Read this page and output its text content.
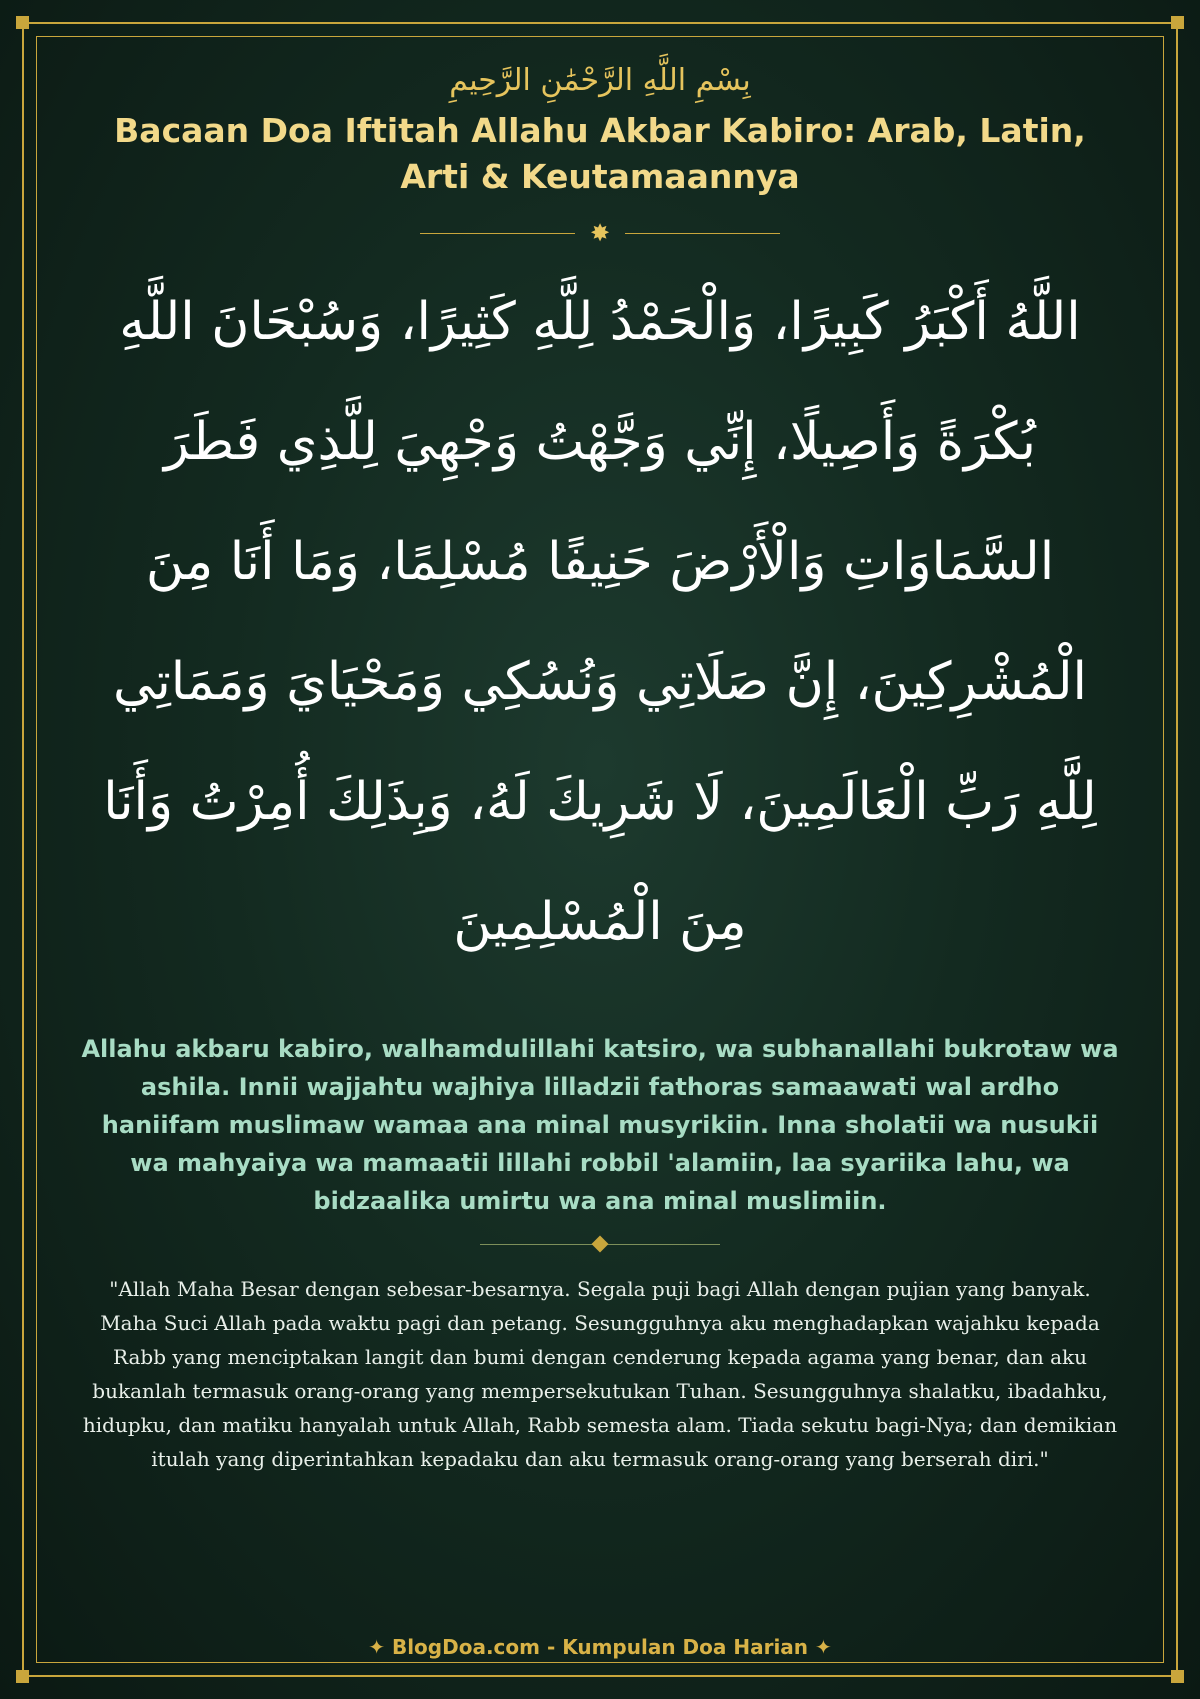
بِسْمِ اللَّهِ الرَّحْمَٰنِ الرَّحِيمِ
Bacaan Doa Iftitah Allahu Akbar Kabiro: Arab, Latin, Arti & Keutamaannya
✸
اللَّهُ أَكْبَرُ كَبِيرًا، وَالْحَمْدُ لِلَّهِ كَثِيرًا، وَسُبْحَانَ اللَّهِ بُكْرَةً وَأَصِيلًا، إِنِّي وَجَّهْتُ وَجْهِيَ لِلَّذِي فَطَرَ السَّمَاوَاتِ وَالْأَرْضَ حَنِيفًا مُسْلِمًا، وَمَا أَنَا مِنَ الْمُشْرِكِينَ، إِنَّ صَلَاتِي وَنُسُكِي وَمَحْيَايَ وَمَمَاتِي لِلَّهِ رَبِّ الْعَالَمِينَ، لَا شَرِيكَ لَهُ، وَبِذَلِكَ أُمِرْتُ وَأَنَا مِنَ الْمُسْلِمِينَ
Allahu akbaru kabiro, walhamdulillahi katsiro, wa subhanallahi bukrotaw wa ashila. Innii wajjahtu wajhiya lilladzii fathoras samaawati wal ardho haniifam muslimaw wamaa ana minal musyrikiin. Inna sholatii wa nusukii wa mahyaiya wa mamaatii lillahi robbil 'alamiin, laa syariika lahu, wa bidzaalika umirtu wa ana minal muslimiin.
"Allah Maha Besar dengan sebesar-besarnya. Segala puji bagi Allah dengan pujian yang banyak. Maha Suci Allah pada waktu pagi dan petang. Sesungguhnya aku menghadapkan wajahku kepada Rabb yang menciptakan langit dan bumi dengan cenderung kepada agama yang benar, dan aku bukanlah termasuk orang-orang yang mempersekutukan Tuhan. Sesungguhnya shalatku, ibadahku, hidupku, dan matiku hanyalah untuk Allah, Rabb semesta alam. Tiada sekutu bagi-Nya; dan demikian itulah yang diperintahkan kepadaku dan aku termasuk orang-orang yang berserah diri."
✦ BlogDoa.com - Kumpulan Doa Harian ✦
